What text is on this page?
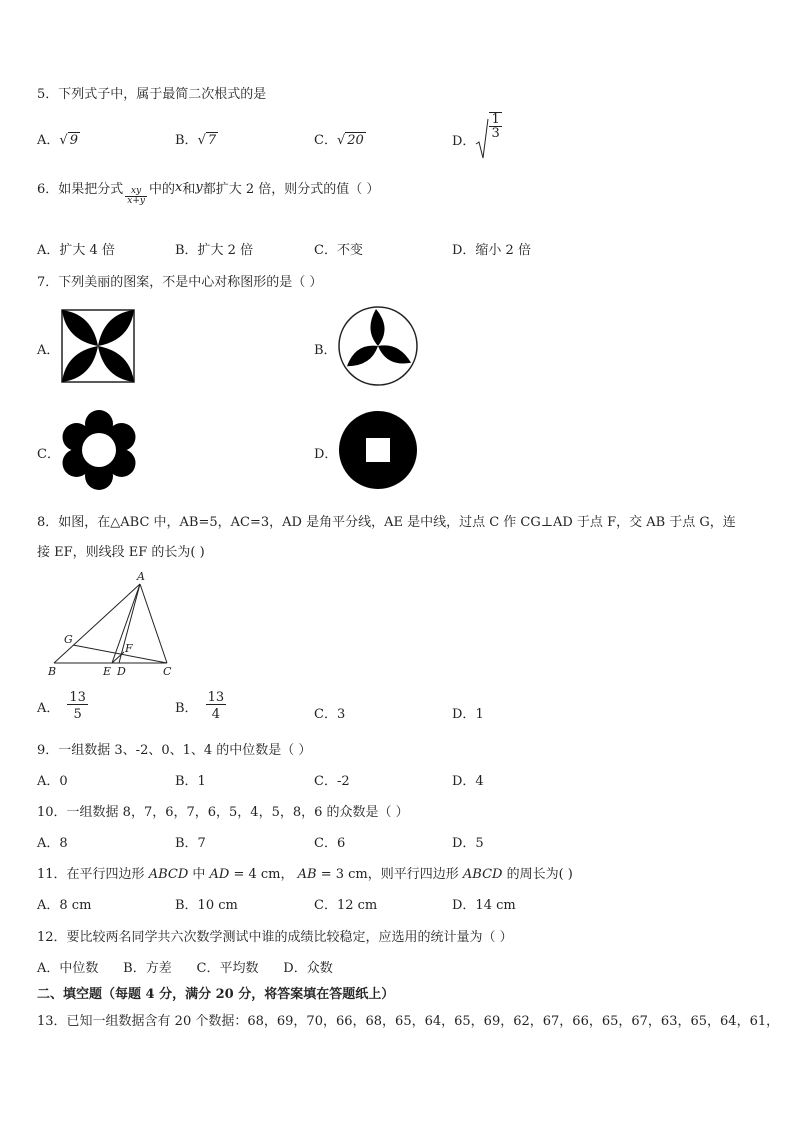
5．下列式子中，属于最简二次根式的是
A． √ 9	B． √ 7	C． √ 20	D．
$\frac{1}{3}$
6．如果把分式 $\frac{xy}{x+y}$ 中的 x 和 y 都扩大 2 倍，则分式的值（ ）
A．扩大 4 倍	B．扩大 2 倍	C．不变	D．缩小 2 倍
7．下列美丽的图案，不是中心对称图形的是（ ）
A．	B．
C．	D．
8．如图，在△ABC 中，AB=5，AC=3，AD 是角平分线，AE 是中线，过点 C 作 CG⊥AD 于点 F，交 AB 于点 G，连
接 EF，则线段 EF 的长为( )
A
G
F
B	E D	C
A． $\frac{13}{5}$	B． $\frac{13}{4}$	C．3	D．1
9．一组数据 3、-2、0、1、4 的中位数是（ ）
A．0	B．1	C．-2	D．4
10．一组数据 8，7，6，7，6，5，4，5，8，6 的众数是（ ）
A．8	B．7	C．6	D．5
11．在平行四边形 ABCD 中 AD = 4 cm， AB = 3 cm，则平行四边形 ABCD 的周长为( )
A．8 cm	B．10 cm	C．12 cm	D．14 cm
12．要比较两名同学共六次数学测试中谁的成绩比较稳定，应选用的统计量为（ ）
A．中位数      B．方差      C．平均数      D．众数
二、填空题（每题 4 分，满分 20 分，将答案填在答题纸上）
13．已知一组数据含有 20 个数据：68，69，70，66，68，65，64，65，69，62，67，66，65，67，63，65，64，61，
